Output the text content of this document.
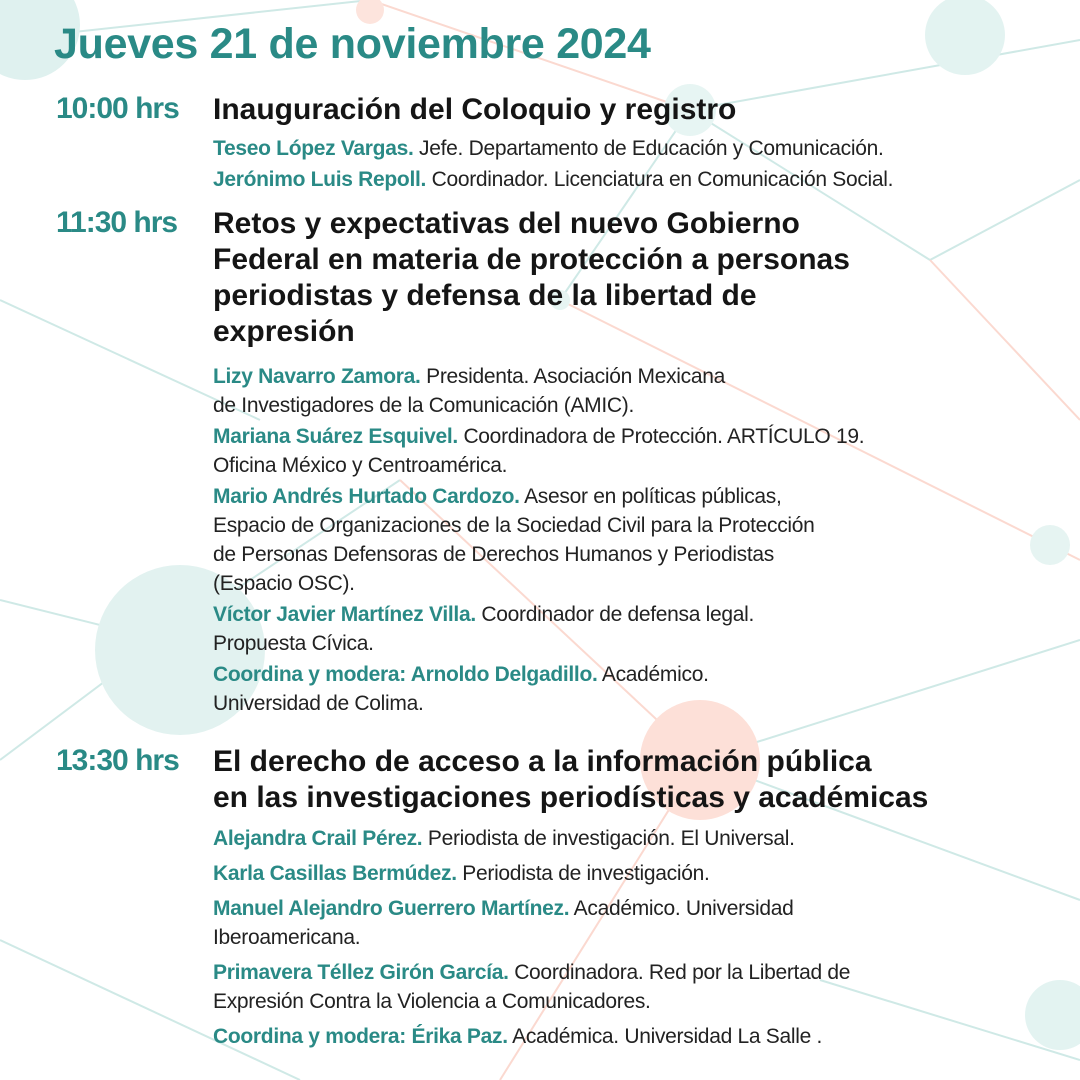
Jueves 21 de noviembre 2024
10:00 hrs Inauguración del Coloquio y registro

Teseo López Vargas. Jefe. Departamento de Educación y Comunicación.

Jerónimo Luis Repoll. Coordinador. Licenciatura en Comunicación Social.

11:30 hrs Retos y expectativas del nuevo Gobierno
Federal en materia de protección a personas
periodistas y defensa de la libertad de
expresión

Lizy Navarro Zamora. Presidenta. Asociación Mexicana
de Investigadores de la Comunicación (AMIC).

Mariana Suárez Esquivel. Coordinadora de Protección. ARTÍCULO 19.
Oficina México y Centroamérica.

Mario Andrés Hurtado Cardozo. Asesor en políticas públicas,
Espacio de Organizaciones de la Sociedad Civil para la Protección
de Personas Defensoras de Derechos Humanos y Periodistas
(Espacio OSC).

Víctor Javier Martínez Villa. Coordinador de defensa legal.
Propuesta Cívica.

Coordina y modera: Arnoldo Delgadillo. Académico.
Universidad de Colima.

13:30 hrs El derecho de acceso a la información pública
en las investigaciones periodísticas y académicas

Alejandra Crail Pérez. Periodista de investigación. El Universal.

Karla Casillas Bermúdez. Periodista de investigación.

Manuel Alejandro Guerrero Martínez. Académico. Universidad
Iberoamericana.

Primavera Téllez Girón García. Coordinadora. Red por la Libertad de
Expresión Contra la Violencia a Comunicadores.

Coordina y modera: Érika Paz. Académica. Universidad La Salle .
